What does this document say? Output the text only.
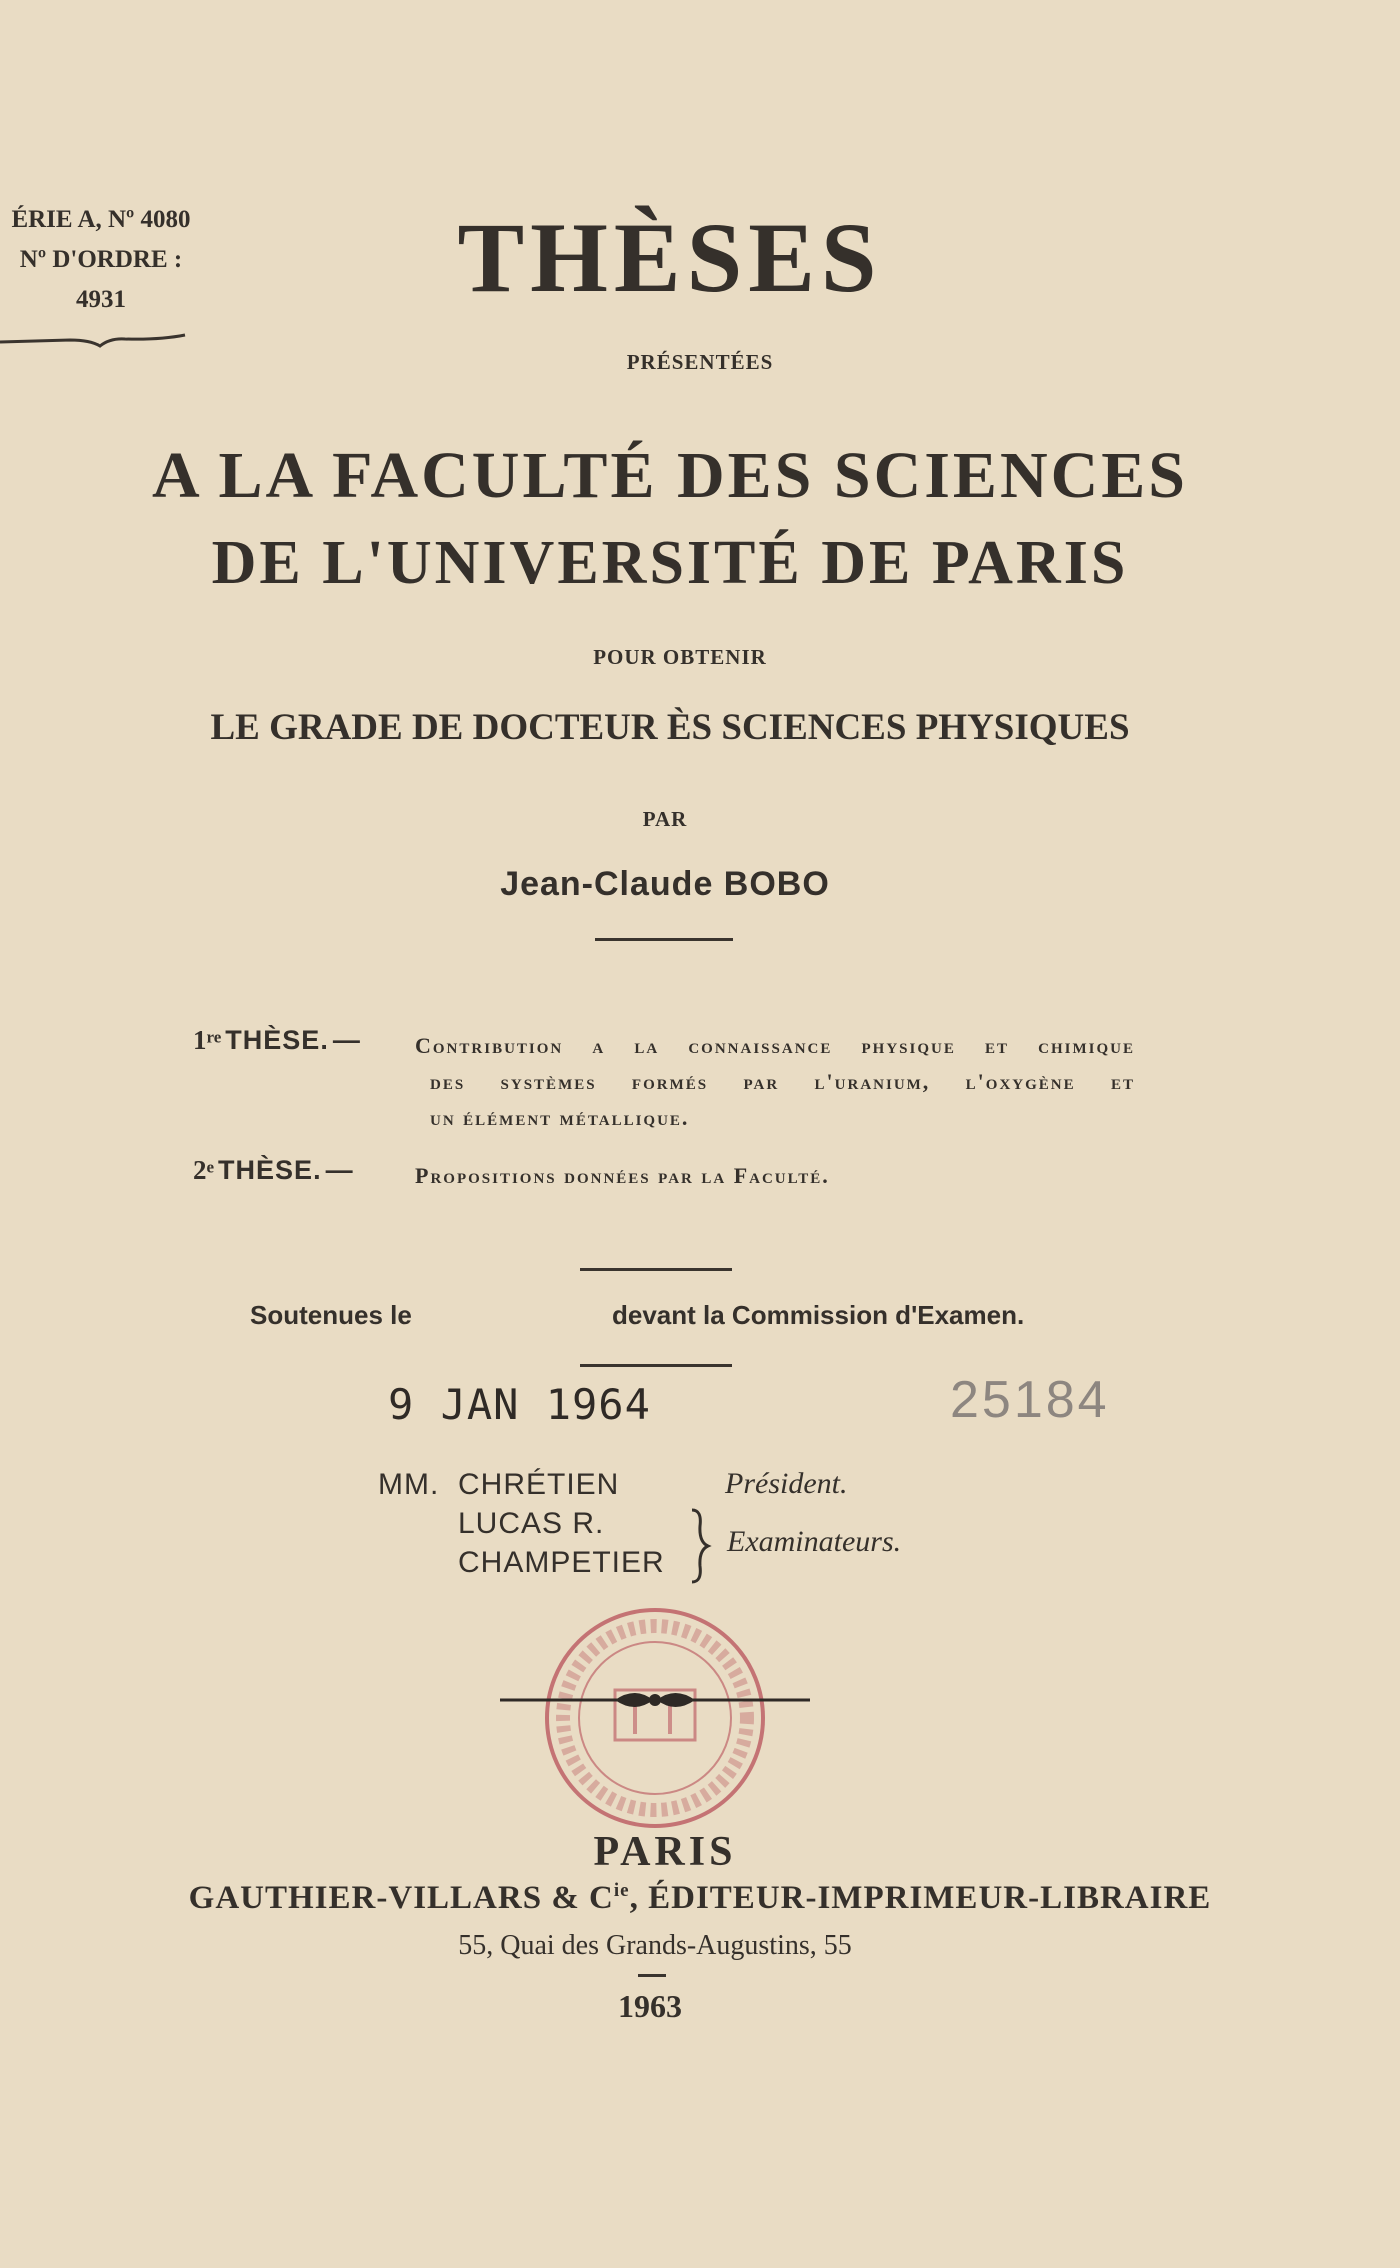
ÉRIE A, Nº 4080
Nº D'ORDRE :
4931	THÈSES
PRÉSENTÉES
A LA FACULTÉ DES SCIENCES
DE L'UNIVERSITÉ DE PARIS
POUR OBTENIR
LE GRADE DE DOCTEUR ÈS SCIENCES PHYSIQUES
PAR
Jean-Claude BOBO
1re THÈSE. — Contribution a la connaissance physique et chimique
des systèmes formés par l'uranium, l'oxygène et
un élément métallique.
2e THÈSE. —	Propositions données par la Faculté.
Soutenues le	devant la Commission d'Examen.
9 JAN 1964	25184
MM. CHRÉTIEN	Président.
LUCAS R.
CHAMPETIER
Examinateurs.
PARIS
GAUTHIER-VILLARS & $C^{ie}$, ÉDITEUR-IMPRIMEUR-LIBRAIRE
55, Quai des Grands-Augustins, 55
1963
